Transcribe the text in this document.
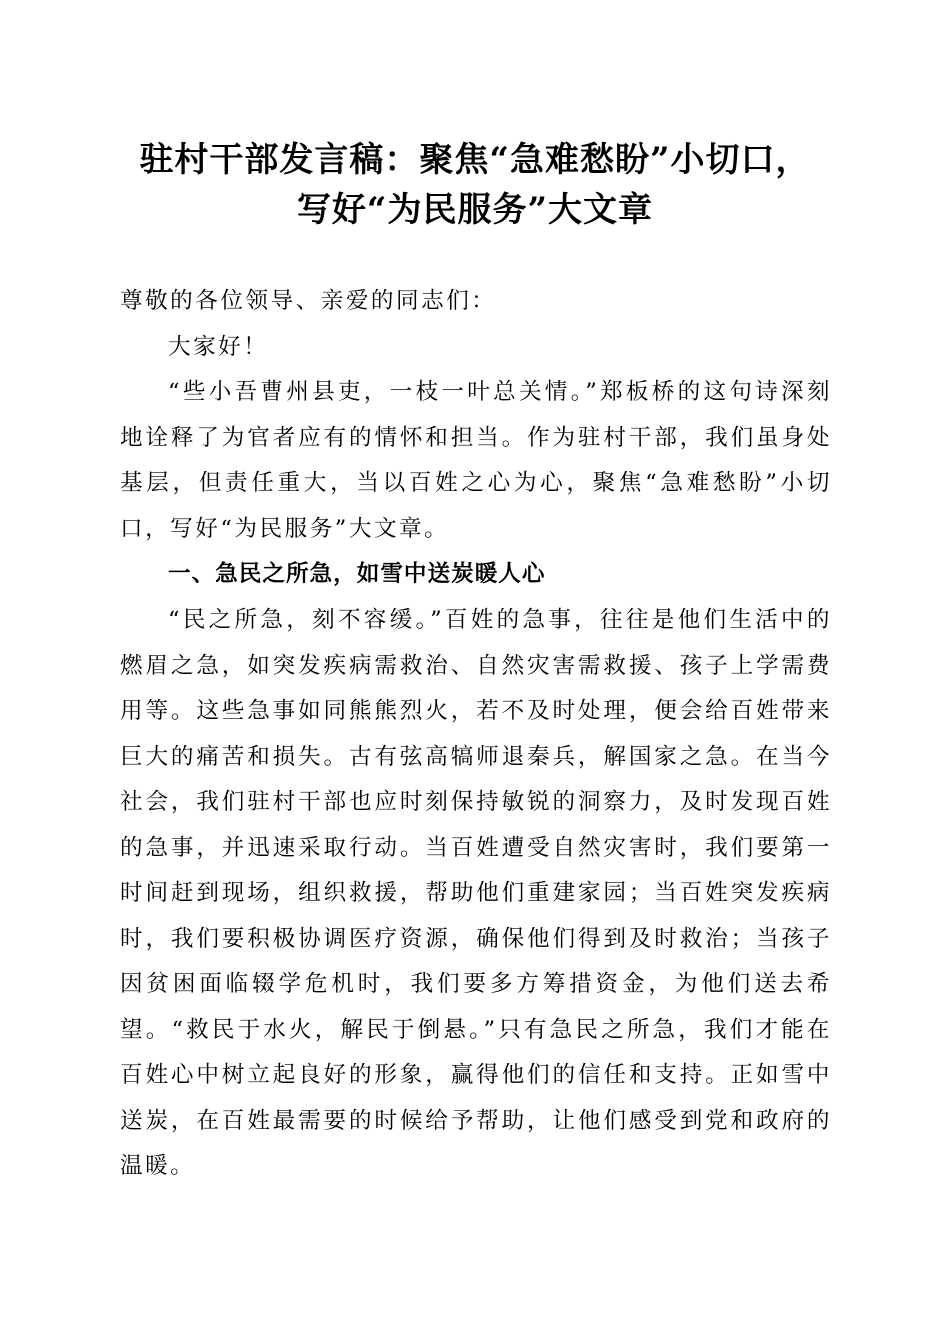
驻村干部发言稿：聚焦“急难愁盼”小切口，
写好“为民服务”大文章

尊敬的各位领导、亲爱的同志们：

大家好！

“些小吾曹州县吏，一枝一叶总关情。”郑板桥的这句诗深刻地诠释了为官者应有的情怀和担当。作为驻村干部，我们虽身处基层，但责任重大，当以百姓之心为心，聚焦“急难愁盼”小切口，写好“为民服务”大文章。

一、急民之所急，如雪中送炭暖人心

“民之所急，刻不容缓。”百姓的急事，往往是他们生活中的燃眉之急，如突发疾病需救治、自然灾害需救援、孩子上学需费用等。这些急事如同熊熊烈火，若不及时处理，便会给百姓带来巨大的痛苦和损失。古有弦高犒师退秦兵，解国家之急。在当今社会，我们驻村干部也应时刻保持敏锐的洞察力，及时发现百姓的急事，并迅速采取行动。当百姓遭受自然灾害时，我们要第一时间赶到现场，组织救援，帮助他们重建家园；当百姓突发疾病时，我们要积极协调医疗资源，确保他们得到及时救治；当孩子因贫困面临辍学危机时，我们要多方筹措资金，为他们送去希望。“救民于水火，解民于倒悬。”只有急民之所急，我们才能在百姓心中树立起良好的形象，赢得他们的信任和支持。正如雪中送炭，在百姓最需要的时候给予帮助，让他们感受到党和政府的温暖。
